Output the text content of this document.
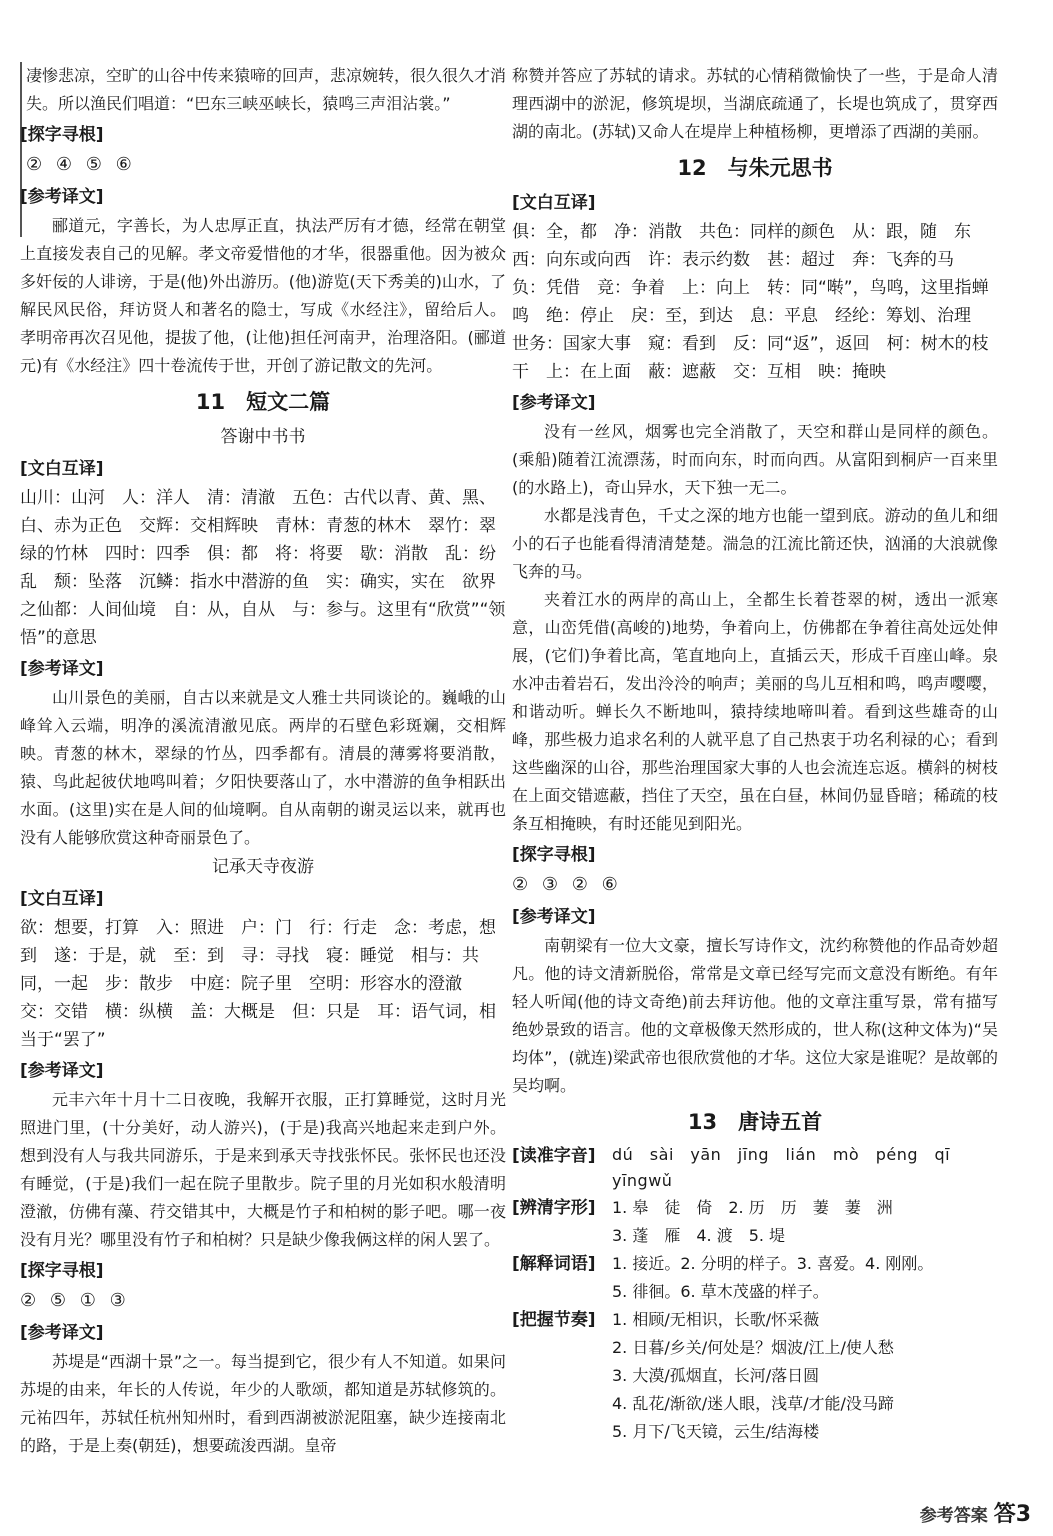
凄惨悲凉，空旷的山谷中传来猿啼的回声，悲凉婉转，很久很久才消失。所以渔民们唱道：“巴东三峡巫峡长，猿鸣三声泪沾裳。”

[探字寻根]
② ④ ⑤ ⑥
[参考译文]

郦道元，字善长，为人忠厚正直，执法严厉有才德，经常在朝堂上直接发表自己的见解。孝文帝爱惜他的才华，很器重他。因为被众多奸佞的人诽谤，于是(他)外出游历。(他)游览(天下秀美的)山水，了解民风民俗，拜访贤人和著名的隐士，写成《水经注》，留给后人。孝明帝再次召见他，提拔了他，(让他)担任河南尹，治理洛阳。(郦道元)有《水经注》四十卷流传于世，开创了游记散文的先河。

11　短文二篇
答谢中书书
[文白互译]

山川：山河　人：洋人　清：清澈　五色：古代以青、黄、黑、白、赤为正色　交辉：交相辉映　青林：青葱的林木　翠竹：翠绿的竹林　四时：四季　俱：都　将：将要　歇：消散　乱：纷乱　颓：坠落　沉鳞：指水中潜游的鱼　实：确实，实在　欲界之仙都：人间仙境　自：从，自从　与：参与。这里有“欣赏”“领悟”的意思

[参考译文]

山川景色的美丽，自古以来就是文人雅士共同谈论的。巍峨的山峰耸入云端，明净的溪流清澈见底。两岸的石壁色彩斑斓，交相辉映。青葱的林木，翠绿的竹丛，四季都有。清晨的薄雾将要消散，猿、鸟此起彼伏地鸣叫着；夕阳快要落山了，水中潜游的鱼争相跃出水面。(这里)实在是人间的仙境啊。自从南朝的谢灵运以来，就再也没有人能够欣赏这种奇丽景色了。

记承天寺夜游
[文白互译]

欲：想要，打算　入：照进　户：门　行：行走　念：考虑，想到　遂：于是，就　至：到　寻：寻找　寝：睡觉　相与：共同，一起　步：散步　中庭：院子里　空明：形容水的澄澈　交：交错　横：纵横　盖：大概是　但：只是　耳：语气词，相当于“罢了”

[参考译文]

元丰六年十月十二日夜晚，我解开衣服，正打算睡觉，这时月光照进门里，(十分美好，动人游兴)，(于是)我高兴地起来走到户外。想到没有人与我共同游乐，于是来到承天寺找张怀民。张怀民也还没有睡觉，(于是)我们一起在院子里散步。院子里的月光如积水般清明澄澈，仿佛有藻、荇交错其中，大概是竹子和柏树的影子吧。哪一夜没有月光？哪里没有竹子和柏树？只是缺少像我俩这样的闲人罢了。

[探字寻根]
② ⑤ ① ③
[参考译文]

苏堤是“西湖十景”之一。每当提到它，很少有人不知道。如果问苏堤的由来，年长的人传说，年少的人歌颂，都知道是苏轼修筑的。元祐四年，苏轼任杭州知州时，看到西湖被淤泥阻塞，缺少连接南北的路，于是上奏(朝廷)，想要疏浚西湖。皇帝

称赞并答应了苏轼的请求。苏轼的心情稍微愉快了一些，于是命人清理西湖中的淤泥，修筑堤坝，当湖底疏通了，长堤也筑成了，贯穿西湖的南北。(苏轼)又命人在堤岸上种植杨柳，更增添了西湖的美丽。

12　与朱元思书
[文白互译]

俱：全，都　净：消散　共色：同样的颜色　从：跟，随　东西：向东或向西　许：表示约数　甚：超过　奔：飞奔的马　负：凭借　竞：争着　上：向上　转：同“啭”，鸟鸣，这里指蝉鸣　绝：停止　戾：至，到达　息：平息　经纶：筹划、治理　世务：国家大事　窥：看到　反：同“返”，返回　柯：树木的枝干　上：在上面　蔽：遮蔽　交：互相　映：掩映

[参考译文]

没有一丝风，烟雾也完全消散了，天空和群山是同样的颜色。(乘船)随着江流漂荡，时而向东，时而向西。从富阳到桐庐一百来里(的水路上)，奇山异水，天下独一无二。

水都是浅青色，千丈之深的地方也能一望到底。游动的鱼儿和细小的石子也能看得清清楚楚。湍急的江流比箭还快，汹涌的大浪就像飞奔的马。

夹着江水的两岸的高山上，全都生长着苍翠的树，透出一派寒意，山峦凭借(高峻的)地势，争着向上，仿佛都在争着往高处远处伸展，(它们)争着比高，笔直地向上，直插云天，形成千百座山峰。泉水冲击着岩石，发出泠泠的响声；美丽的鸟儿互相和鸣，鸣声嘤嘤，和谐动听。蝉长久不断地叫，猿持续地啼叫着。看到这些雄奇的山峰，那些极力追求名利的人就平息了自己热衷于功名利禄的心；看到这些幽深的山谷，那些治理国家大事的人也会流连忘返。横斜的树枝在上面交错遮蔽，挡住了天空，虽在白昼，林间仍显昏暗；稀疏的枝条互相掩映，有时还能见到阳光。

[探字寻根]
② ③ ② ⑥
[参考译文]

南朝梁有一位大文豪，擅长写诗作文，沈约称赞他的作品奇妙超凡。他的诗文清新脱俗，常常是文章已经写完而文意没有断绝。有年轻人听闻(他的诗文奇绝)前去拜访他。他的文章注重写景，常有描写绝妙景致的语言。他的文章极像天然形成的，世人称(这种文体为)“吴均体”，(就连)梁武帝也很欣赏他的才华。这位大家是谁呢？是故鄣的吴均啊。

13　唐诗五首
[读准字音]	dú　sài　yān　jīng　lián　mò　péng　qī
yīngwǔ
[辨清字形]	1. 皋　徒　倚　2. 历　历　萋　萋　洲
3. 蓬　雁　4. 渡　5. 堤
[解释词语]	1. 接近。2. 分明的样子。3. 喜爱。4. 刚刚。
5. 徘徊。6. 草木茂盛的样子。
[把握节奏]	1. 相顾/无相识，长歌/怀采薇
2. 日暮/乡关/何处是？烟波/江上/使人愁
3. 大漠/孤烟直，长河/落日圆
4. 乱花/渐欲/迷人眼，浅草/才能/没马蹄
5. 月下/飞天镜，云生/结海楼
参考答案 答3
